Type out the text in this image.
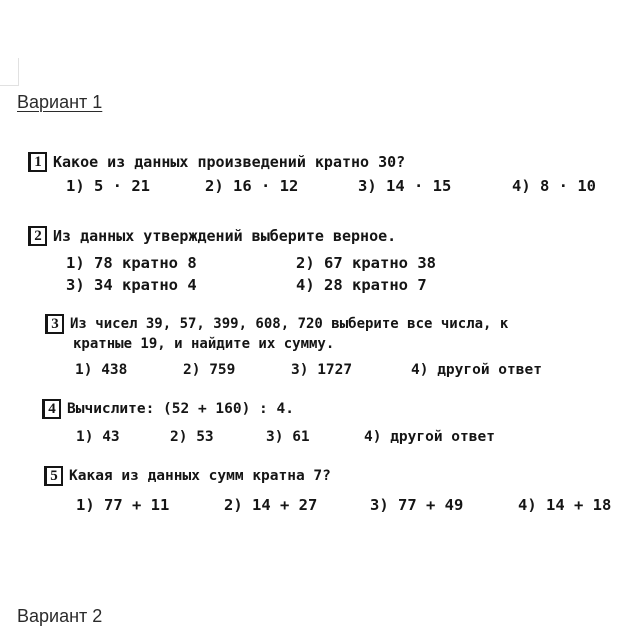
Вариант 1
1 Какое из данных произведений кратно 30?
1) 5 · 21	2) 16 · 12	3) 14 · 15	4) 8 · 10
2 Из данных утверждений выберите верное.
1) 78 кратно 8	2) 67 кратно 38
3) 34 кратно 4	4) 28 кратно 7
3 Из чисел 39, 57, 399, 608, 720 выберите все числа, к
кратные 19, и найдите их сумму.
1) 438	2) 759	3) 1727	4) другой ответ
4 Вычислите: (52 + 160) : 4.
1) 43	2) 53	3) 61	4) другой ответ
5 Какая из данных сумм кратна 7?
1) 77 + 11	2) 14 + 27	3) 77 + 49	4) 14 + 18
Вариант 2
